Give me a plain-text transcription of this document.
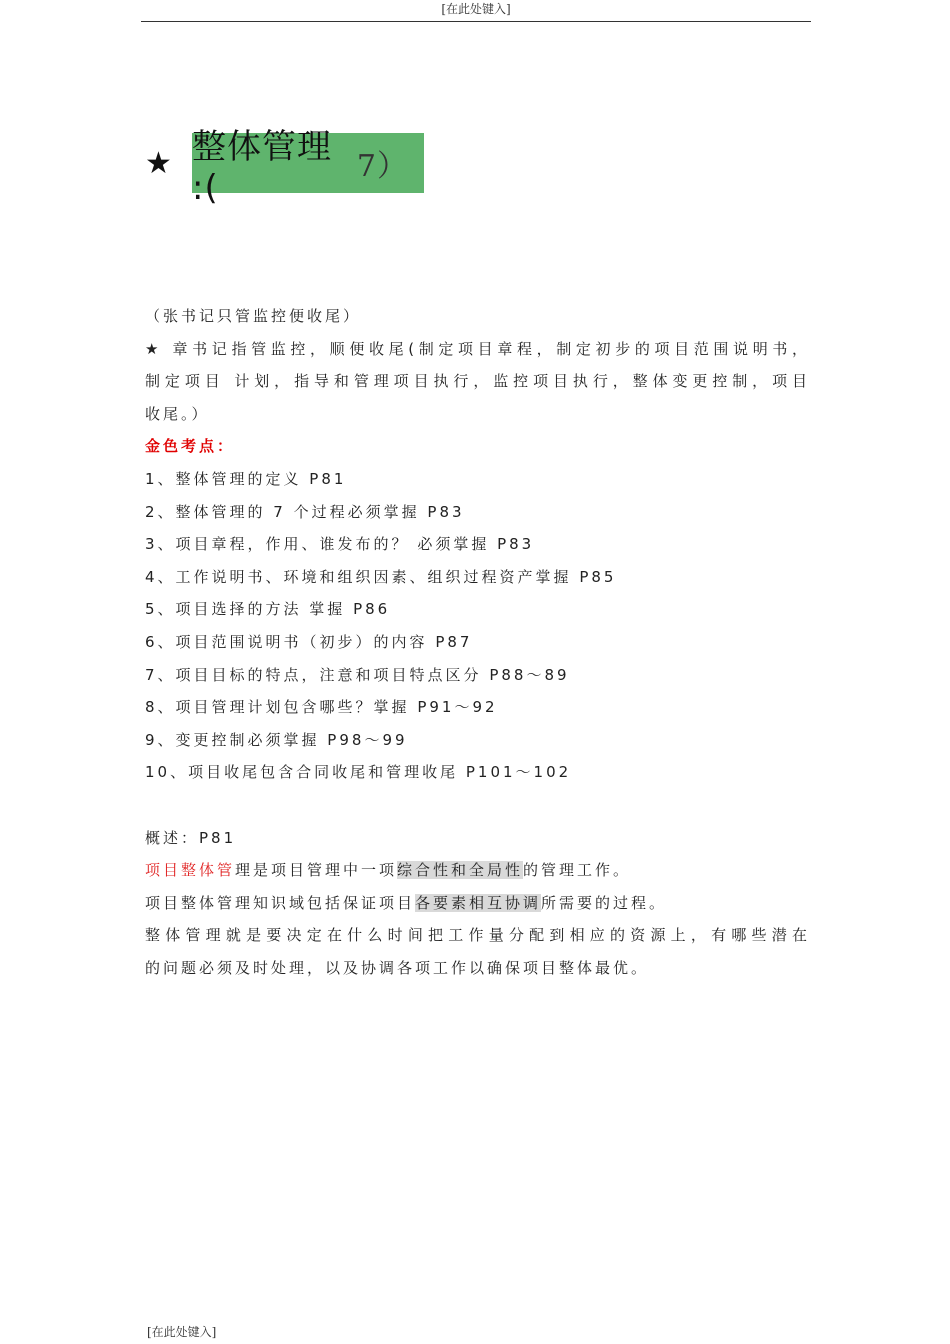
[在此处键入]
★ 整体管理 :(
7）
（张书记只管监控便收尾）
★ 章书记指管监控，顺便收尾(制定项目章程，制定初步的项目范围说明书，
制定项目 计划，指导和管理项目执行，监控项目执行，整体变更控制，项目
收尾。）
金色考点：
1、整体管理的定义 P81
2、整体管理的 7 个过程必须掌握 P83
3、项目章程，作用、谁发布的？ 必须掌握 P83
4、工作说明书、环境和组织因素、组织过程资产掌握 P85
5、项目选择的方法 掌握 P86
6、项目范围说明书（初步）的内容 P87
7、项目目标的特点，注意和项目特点区分 P88～89
8、项目管理计划包含哪些？掌握 P91～92
9、变更控制必须掌握 P98～99
10、项目收尾包含合同收尾和管理收尾 P101～102
概述：P81
项目整体管理是项目管理中一项综合性和全局性的管理工作。
项目整体管理知识域包括保证项目各要素相互协调所需要的过程。
整体管理就是要决定在什么时间把工作量分配到相应的资源上，有哪些潜在
的问题必须及时处理，以及协调各项工作以确保项目整体最优。
[在此处键入]
